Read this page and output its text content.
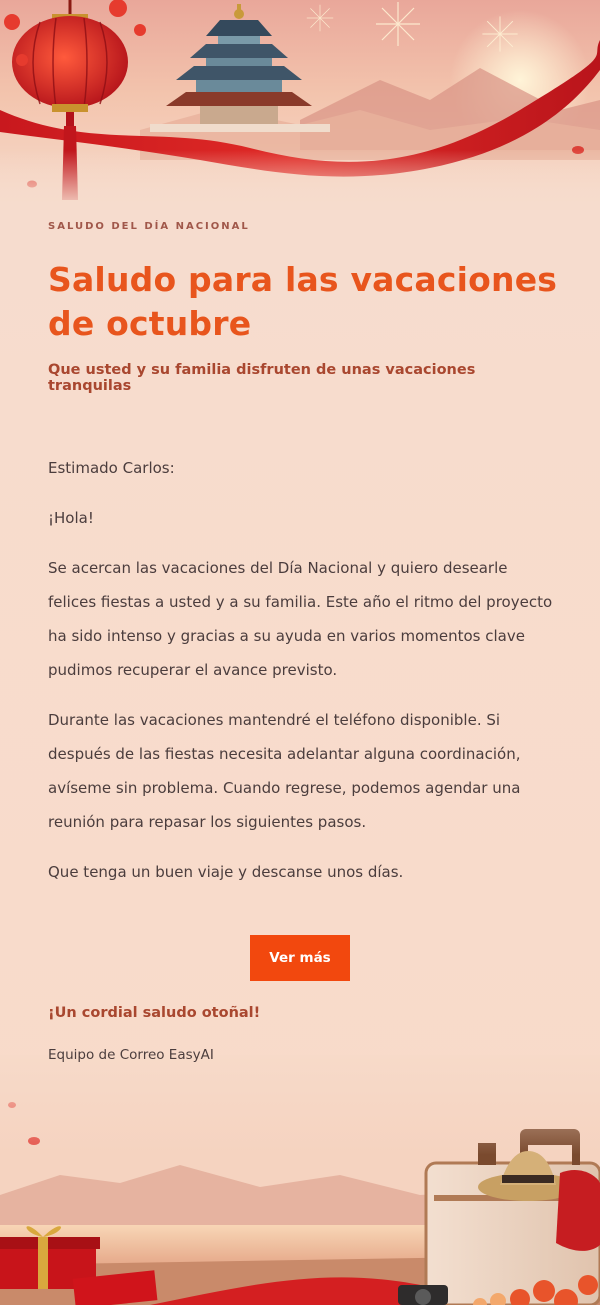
SALUDO DEL DÍA NACIONAL
Saludo para las vacaciones de octubre
Que usted y su familia disfruten de unas vacaciones tranquilas

Estimado Carlos:

¡Hola!

Se acercan las vacaciones del Día Nacional y quiero desearle felices fiestas a usted y a su familia. Este año el ritmo del proyecto ha sido intenso y gracias a su ayuda en varios momentos clave pudimos recuperar el avance previsto.

Durante las vacaciones mantendré el teléfono disponible. Si después de las fiestas necesita adelantar alguna coordinación, avíseme sin problema. Cuando regrese, podemos agendar una reunión para repasar los siguientes pasos.

Que tenga un buen viaje y descanse unos días.

Ver más
¡Un cordial saludo otoñal!
Equipo de Correo EasyAI
